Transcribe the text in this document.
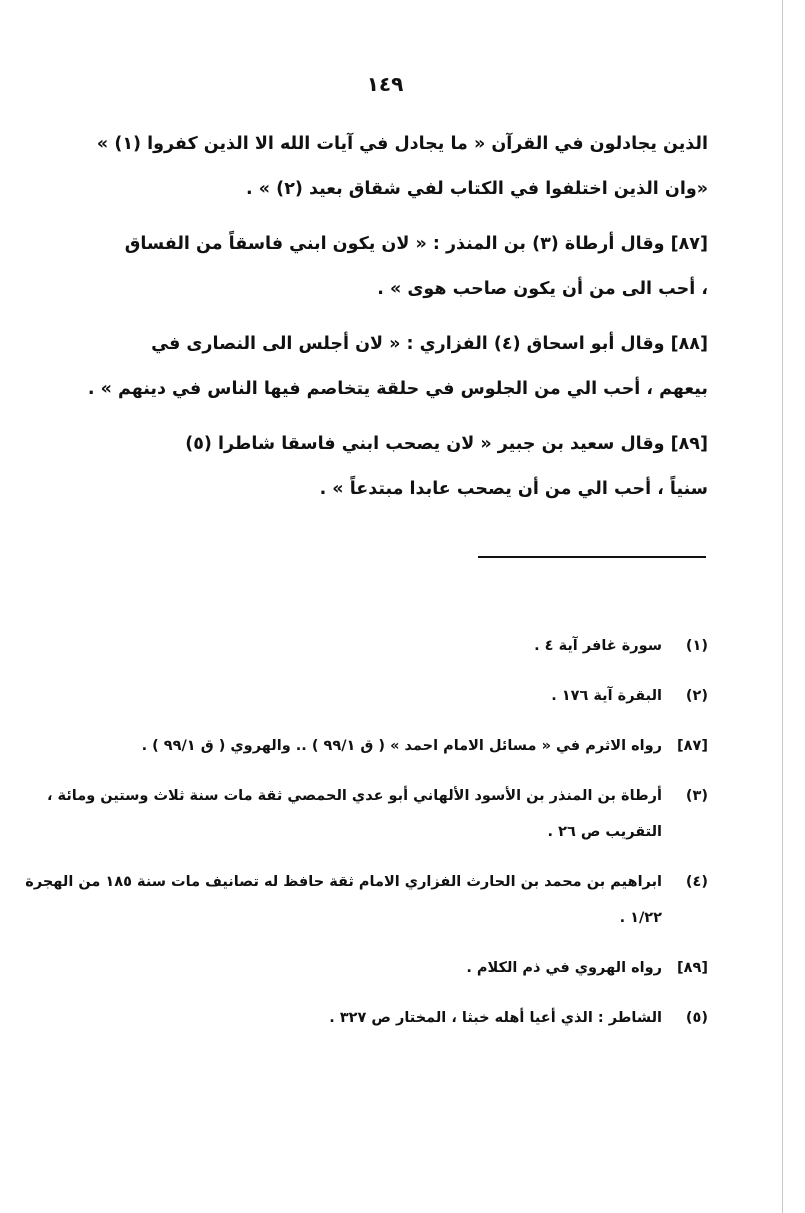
١٤٩

الذين يجادلون في القرآن « ما يجادل في آيات الله الا الذين كفروا (١) »
«وان الذين اختلفوا في الكتاب لفي شقاق بعيد (٢) » .

[٨٧] وقال أرطاة (٣) بن المنذر : « لان يكون ابني فاسقاً من الفساق
، أحب الى من أن يكون صاحب هوى » .

[٨٨] وقال أبو اسحاق (٤) الفزاري : « لان أجلس الى النصارى في
بيعهم ، أحب الي من الجلوس في حلقة يتخاصم فيها الناس في دينهم » .

[٨٩] وقال سعيد بن جبير « لان يصحب ابني فاسقا شاطرا (٥)
سنياً ، أحب الي من أن يصحب عابدا مبتدعاً » .

(١)
سورة غافر آية ٤ .
(٢)
البقرة آية ١٧٦ .
[٨٧]
رواه الاثرم في « مسائل الامام احمد » ( ق ٩٩/١ ) .. والهروي ( ق ٩٩/١ ) .
(٣)
أرطاة بن المنذر بن الأسود الألهاني أبو عدي الحمصي ثقة مات سنة ثلاث وستين ومائة ،
التقريب ص ٢٦ .
(٤)
ابراهيم بن محمد بن الحارث الفزاري الامام ثقة حافظ له تصانيف مات سنة ١٨٥ من الهجرة
١/٢٢ .
[٨٩]
رواه الهروي في ذم الكلام .
(٥)
الشاطر : الذي أعيا أهله خبثا ، المختار ص ٣٢٧ .
